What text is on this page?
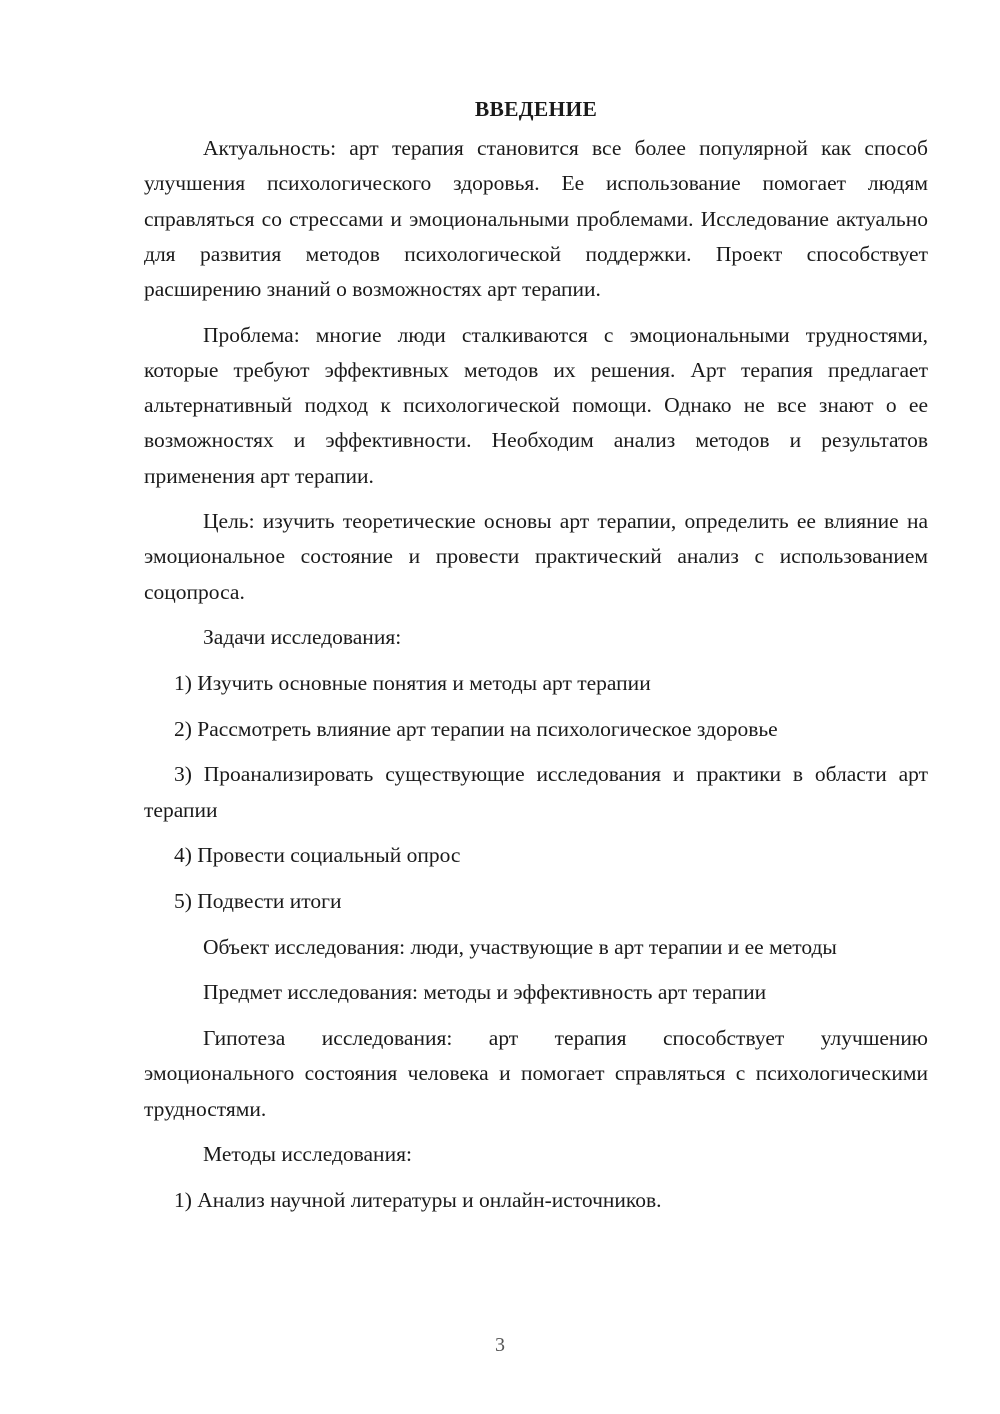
ВВЕДЕНИЕ

Актуальность: арт терапия становится все более популярной как способ улучшения психологического здоровья. Ее использование помогает людям справляться со стрессами и эмоциональными проблемами. Исследование актуально для развития методов психологической поддержки. Проект способствует расширению знаний о возможностях арт терапии.

Проблема: многие люди сталкиваются с эмоциональными трудностями, которые требуют эффективных методов их решения. Арт терапия предлагает альтернативный подход к психологической помощи. Однако не все знают о ее возможностях и эффективности. Необходим анализ методов и результатов применения арт терапии.

Цель: изучить теоретические основы арт терапии, определить ее влияние на эмоциональное состояние и провести практический анализ с использованием соцопроса.

Задачи исследования:

1) Изучить основные понятия и методы арт терапии

2) Рассмотреть влияние арт терапии на психологическое здоровье

3) Проанализировать существующие исследования и практики в области арт терапии

4) Провести социальный опрос

5) Подвести итоги

Объект исследования: люди, участвующие в арт терапии и ее методы

Предмет исследования: методы и эффективность арт терапии

Гипотеза исследования: арт терапия способствует улучшению эмоционального состояния человека и помогает справляться с психологическими трудностями.

Методы исследования:

1) Анализ научной литературы и онлайн-источников.

3
